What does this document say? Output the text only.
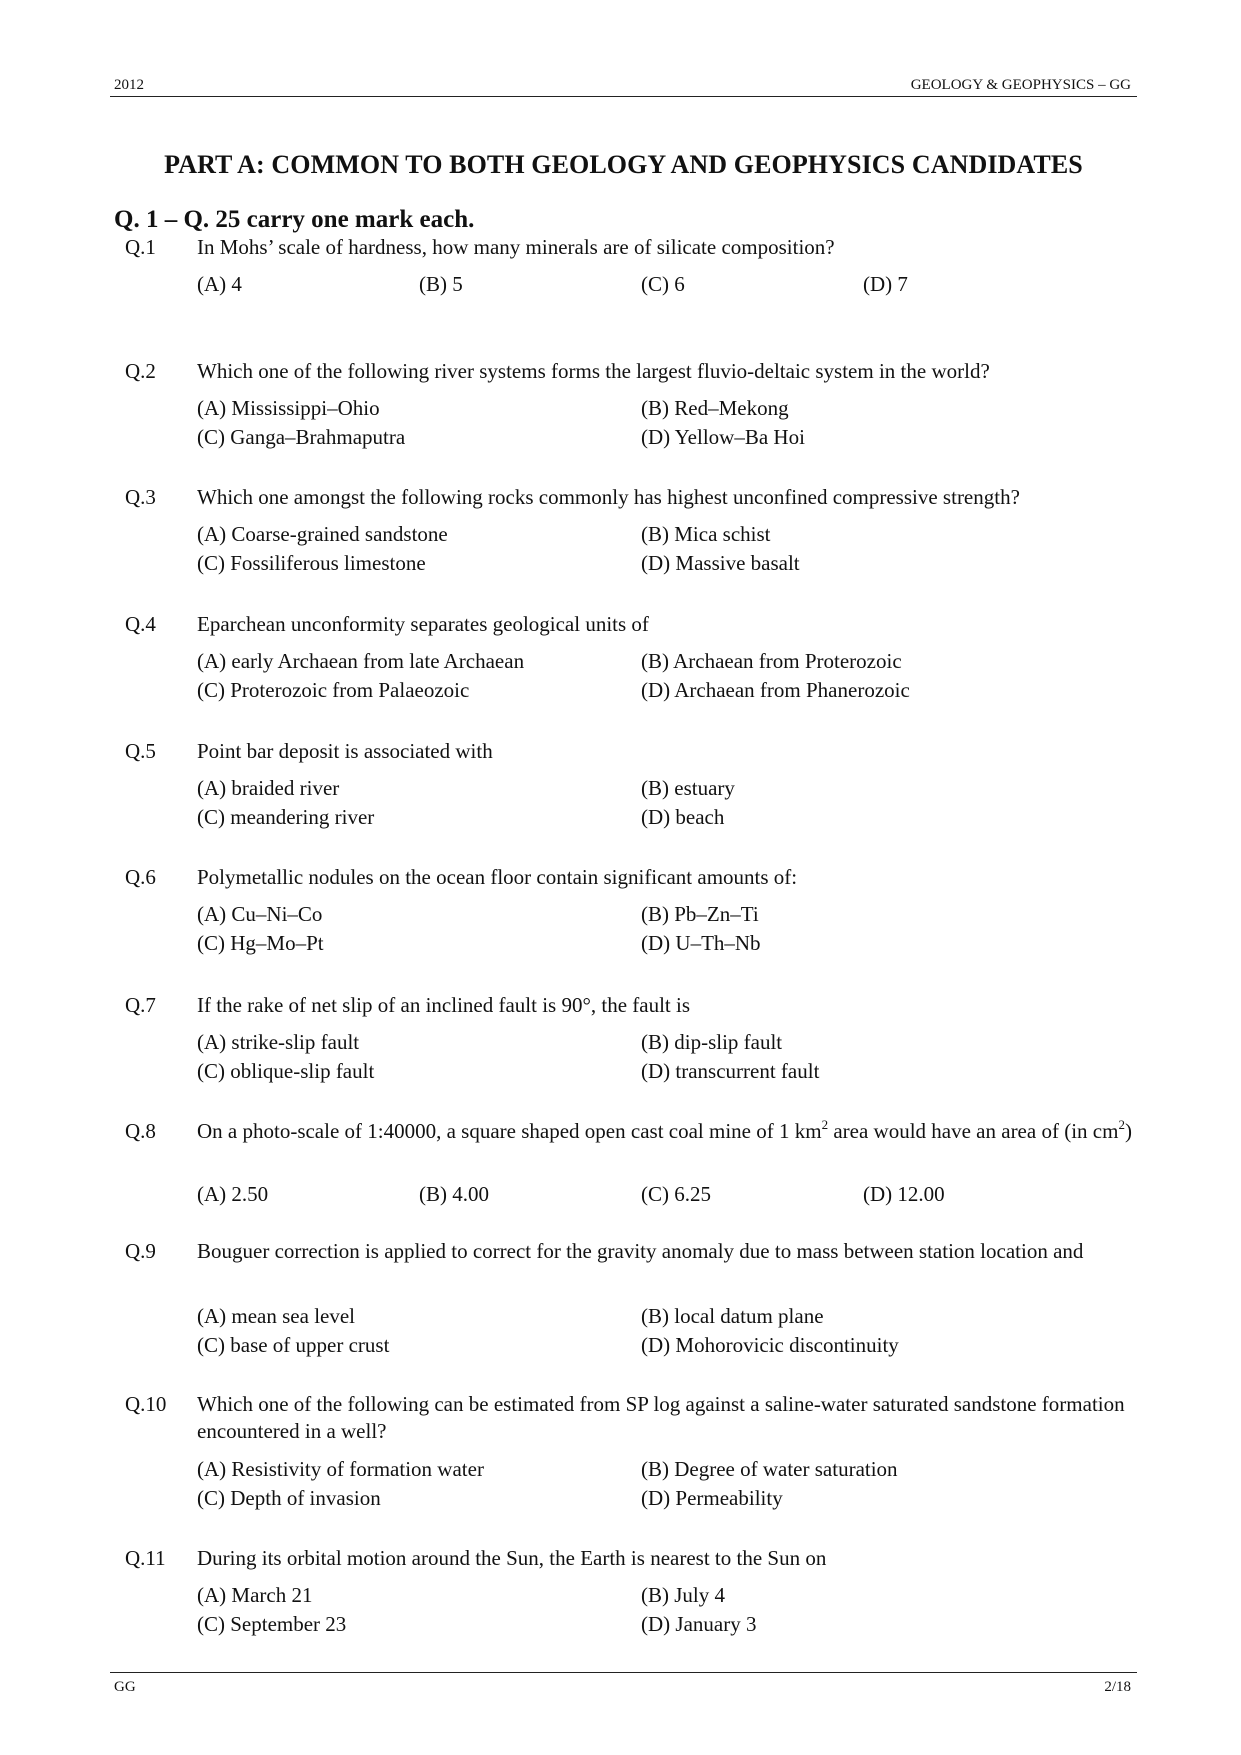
2012	GEOLOGY & GEOPHYSICS – GG
PART A: COMMON TO BOTH GEOLOGY AND GEOPHYSICS CANDIDATES
Q. 1 – Q. 25 carry one mark each.
Q.1 In Mohs’ scale of hardness, how many minerals are of silicate composition?
(A) 4	(B) 5	(C) 6	(D) 7
Q.2 Which one of the following river systems forms the largest fluvio-deltaic system in the world?
(A) Mississippi–Ohio	(B) Red–Mekong
(C) Ganga–Brahmaputra	(D) Yellow–Ba Hoi
Q.3 Which one amongst the following rocks commonly has highest unconfined compressive strength?
(A) Coarse-grained sandstone	(B) Mica schist
(C) Fossiliferous limestone	(D) Massive basalt
Q.4 Eparchean unconformity separates geological units of
(A) early Archaean from late Archaean	(B) Archaean from Proterozoic
(C) Proterozoic from Palaeozoic	(D) Archaean from Phanerozoic
Q.5 Point bar deposit is associated with
(A) braided river	(B) estuary
(C) meandering river	(D) beach
Q.6 Polymetallic nodules on the ocean floor contain significant amounts of:
(A) Cu–Ni–Co	(B) Pb–Zn–Ti
(C) Hg–Mo–Pt	(D) U–Th–Nb
Q.7 If the rake of net slip of an inclined fault is 90°, the fault is
(A) strike-slip fault	(B) dip-slip fault
(C) oblique-slip fault	(D) transcurrent fault
Q.8 On a photo-scale of 1:40000, a square shaped open cast coal mine of 1 $km^2$ area would have an area of (in $cm^2$)
(A) 2.50	(B) 4.00	(C) 6.25	(D) 12.00
Q.9 Bouguer correction is applied to correct for the gravity anomaly due to mass between station location and
(A) mean sea level	(B) local datum plane
(C) base of upper crust	(D) Mohorovicic discontinuity
Q.10 Which one of the following can be estimated from SP log against a saline-water saturated sandstone formation encountered in a well?
(A) Resistivity of formation water	(B) Degree of water saturation
(C) Depth of invasion	(D) Permeability
Q.11 During its orbital motion around the Sun, the Earth is nearest to the Sun on
(A) March 21	(B) July 4
(C) September 23	(D) January 3
GG	2/18
